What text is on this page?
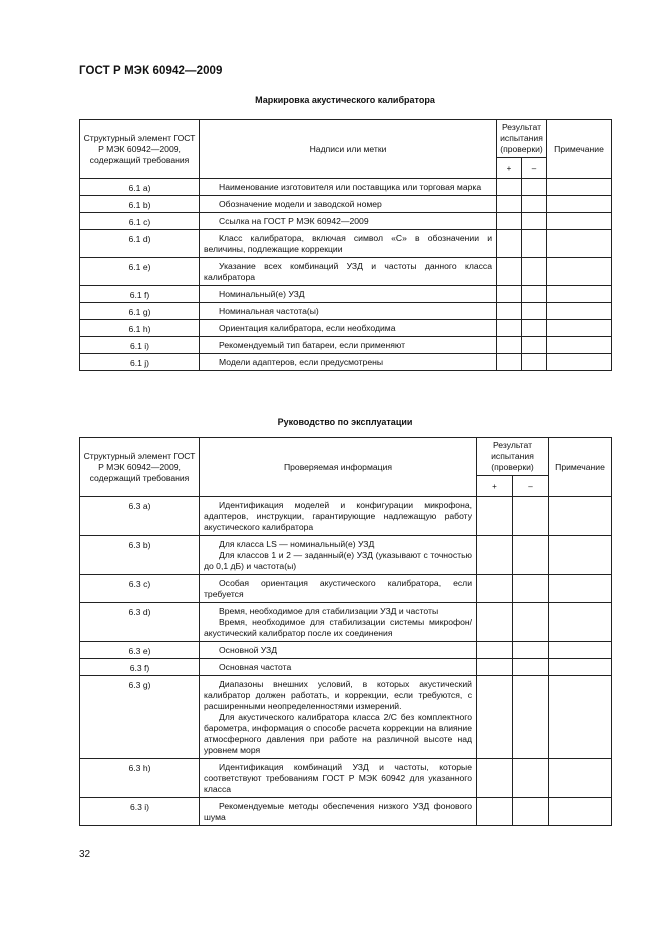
ГОСТ Р МЭК 60942—2009
Маркировка акустического калибратора
Структурный элемент ГОСТ Р МЭК 60942—2009, содержащий требования	Надписи или метки	Результат испытания (проверки)		Примечание
		+	–	
6.1 a)	Наименование изготовителя или поставщика или торговая марка			

6.1 b)	Обозначение модели и заводской номер			

6.1 c)	Ссылка на ГОСТ Р МЭК 60942—2009			

6.1 d)	Класс калибратора, включая символ «С» в обозначении и величины, подлежащие коррекции			

6.1 e)	Указание всех комбинаций УЗД и частоты данного класса калибратора			

6.1 f)	Номинальный(е) УЗД			

6.1 g)	Номинальная частота(ы)			

6.1 h)	Ориентация калибратора, если необходима			

6.1 i)	Рекомендуемый тип батареи, если применяют			

6.1 j)	Модели адаптеров, если предусмотрены			

Руководство по эксплуатации
Структурный элемент ГОСТ Р МЭК 60942—2009, содержащий требования	Проверяемая информация	Результат испытания (проверки)		Примечание
		+	–	
6.3 a)	Идентификация моделей и конфигурации микрофона, адаптеров, инструкции, гарантирующие надлежащую работу акустического калибратора			

6.3 b)	Для класса LS — номинальный(е) УЗД
Для классов 1 и 2 — заданный(е) УЗД (указывают с точностью до 0,1 дБ) и частота(ы)			

6.3 c)	Особая ориентация акустического калибратора, если требуется			

6.3 d)	Время, необходимое для стабилизации УЗД и частоты
Время, необходимое для стабилизации системы микрофон/акустический калибратор после их соединения			

6.3 e)	Основной УЗД			

6.3 f)	Основная частота			

6.3 g)	Диапазоны внешних условий, в которых акустический калибратор должен работать, и коррекции, если требуются, с расширенными неопределенностями измерений.
Для акустического калибратора класса 2/С без комплектного барометра, информация о способе расчета коррекции на влияние атмосферного давления при работе на различной высоте над уровнем моря			

6.3 h)	Идентификация комбинаций УЗД и частоты, которые соответствуют требованиям ГОСТ Р МЭК 60942 для указанного класса			

6.3 i)	Рекомендуемые методы обеспечения низкого УЗД фонового шума			

32
